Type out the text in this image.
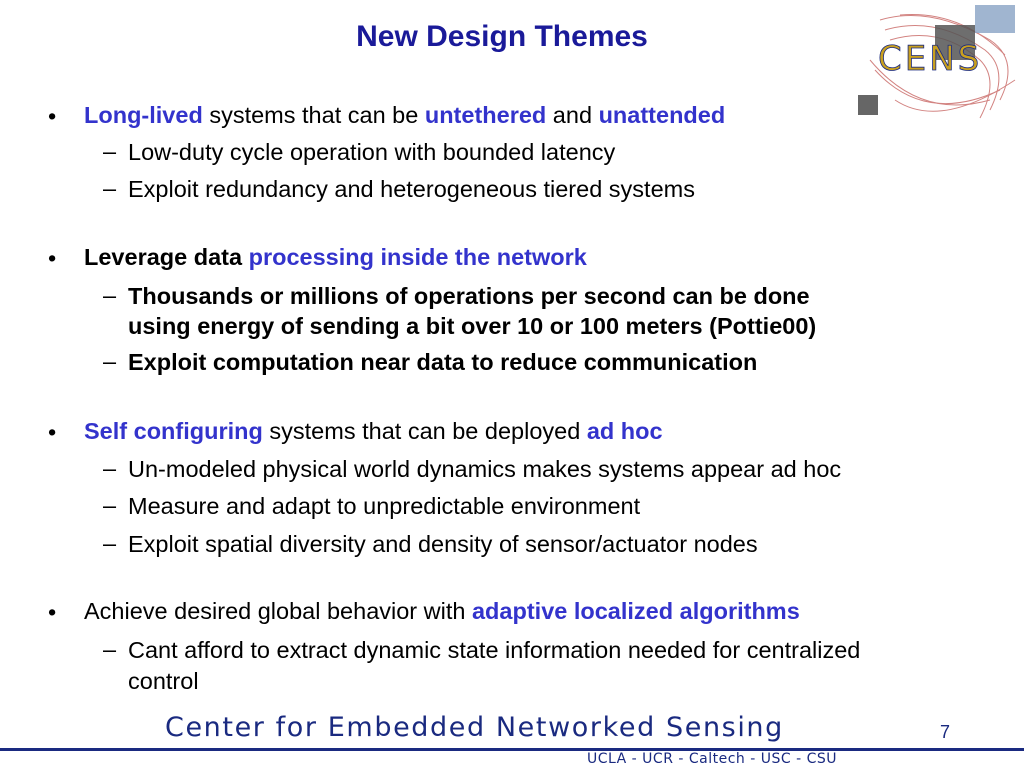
New Design Themes
CENS
• Long-lived systems that can be untethered and unattended
– Low-duty cycle operation with bounded latency
– Exploit redundancy and heterogeneous tiered systems
• Leverage data processing inside the network
– Thousands or millions of operations per second can be done
using energy of sending a bit over 10 or 100 meters (Pottie00)
– Exploit computation near data to reduce communication
• Self configuring systems that can be deployed ad hoc
– Un-modeled physical world dynamics makes systems appear ad hoc
– Measure and adapt to unpredictable environment
– Exploit spatial diversity and density of sensor/actuator nodes
• Achieve desired global behavior with adaptive localized algorithms
– Cant afford to extract dynamic state information needed for centralized
control
Center for Embedded Networked Sensing	7
UCLA - UCR - Caltech - USC - CSU
